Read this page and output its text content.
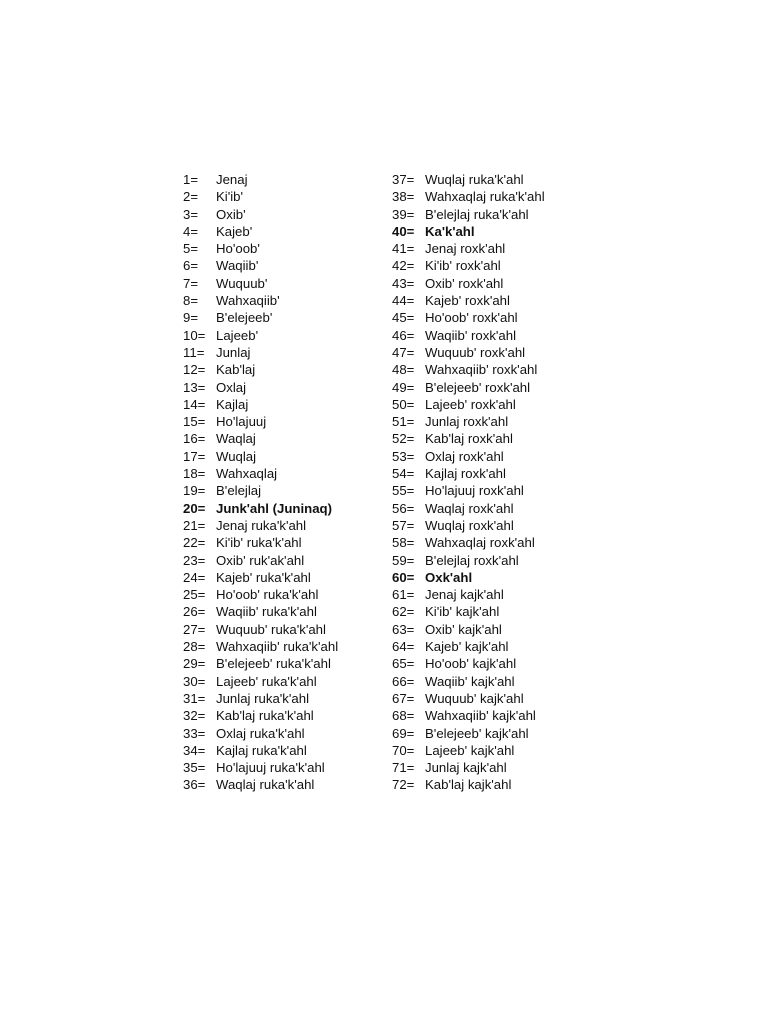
1=	Jenaj
2=	Ki'ib'
3=	Oxib'
4=	Kajeb'
5=	Ho'oob'
6=	Waqiib'
7=	Wuquub'
8=	Wahxaqiib'
9=	B'elejeeb'
10= Lajeeb'
11= Junlaj
12= Kab'laj
13= Oxlaj
14= Kajlaj
15= Ho'lajuuj
16= Waqlaj
17= Wuqlaj
18= Wahxaqlaj
19= B'elejlaj
20= Junk'ahl (Juninaq)
21= Jenaj ruka'k'ahl
22= Ki'ib' ruka'k'ahl
23= Oxib' ruk'ak'ahl
24= Kajeb' ruka'k'ahl
25= Ho'oob' ruka'k'ahl
26= Waqiib' ruka'k'ahl
27= Wuquub' ruka'k'ahl
28= Wahxaqiib' ruka'k'ahl
29= B'elejeeb' ruka'k'ahl
30= Lajeeb' ruka'k'ahl
31= Junlaj ruka'k'ahl
32= Kab'laj ruka'k'ahl
33= Oxlaj ruka'k'ahl
34= Kajlaj ruka'k'ahl
35= Ho'lajuuj ruka'k'ahl
36= Waqlaj ruka'k'ahl
37= Wuqlaj ruka'k'ahl
38= Wahxaqlaj ruka'k'ahl
39= B'elejlaj ruka'k'ahl
40= Ka'k'ahl
41= Jenaj roxk'ahl
42= Ki'ib' roxk'ahl
43= Oxib' roxk'ahl
44= Kajeb' roxk'ahl
45= Ho'oob' roxk'ahl
46= Waqiib' roxk'ahl
47= Wuquub' roxk'ahl
48= Wahxaqiib' roxk'ahl
49= B'elejeeb' roxk'ahl
50= Lajeeb' roxk'ahl
51= Junlaj roxk'ahl
52= Kab'laj roxk'ahl
53= Oxlaj roxk'ahl
54= Kajlaj roxk'ahl
55= Ho'lajuuj roxk'ahl
56= Waqlaj roxk'ahl
57= Wuqlaj roxk'ahl
58= Wahxaqlaj roxk'ahl
59= B'elejlaj roxk'ahl
60= Oxk'ahl
61= Jenaj kajk'ahl
62= Ki'ib' kajk'ahl
63= Oxib' kajk'ahl
64= Kajeb' kajk'ahl
65= Ho'oob' kajk'ahl
66= Waqiib' kajk'ahl
67= Wuquub' kajk'ahl
68= Wahxaqiib' kajk'ahl
69= B'elejeeb' kajk'ahl
70= Lajeeb' kajk'ahl
71= Junlaj kajk'ahl
72= Kab'laj kajk'ahl
